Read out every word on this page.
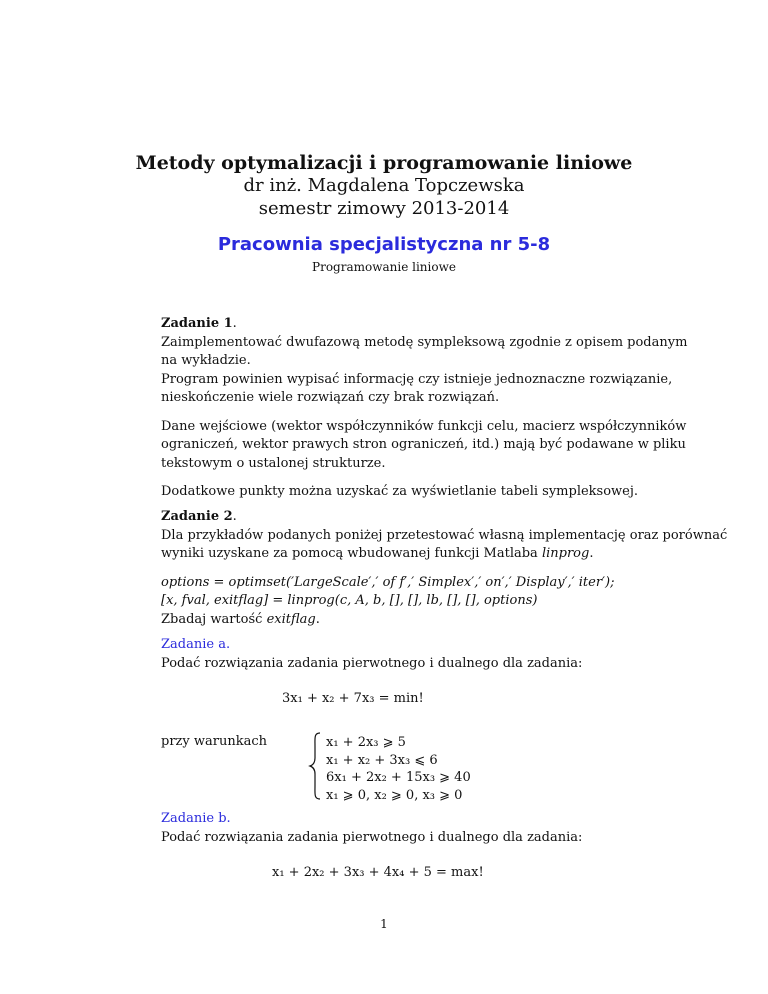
Metody optymalizacji i programowanie liniowe
dr inż. Magdalena Topczewska
semestr zimowy 2013-2014
Pracownia specjalistyczna nr 5-8
Programowanie liniowe
Zadanie 1.
Zaimplementować dwufazową metodę sympleksową zgodnie z opisem podanym
na wykładzie.
Program powinien wypisać informację czy istnieje jednoznaczne rozwiązanie,
nieskończenie wiele rozwiązań czy brak rozwiązań.
Dane wejściowe (wektor współczynników funkcji celu, macierz współczynników
ograniczeń, wektor prawych stron ograniczeń, itd.) mają być podawane w pliku
tekstowym o ustalonej strukturze.
Dodatkowe punkty można uzyskać za wyświetlanie tabeli sympleksowej.
Zadanie 2.
Dla przykładów podanych poniżej przetestować własną implementację oraz porównać
wyniki uzyskane za pomocą wbudowanej funkcji Matlaba linprog.
options = optimset(′LargeScale′,′ of f′,′ Simplex′,′ on′,′ Display′,′ iter′);
[x, fval, exitflag] = linprog(c, A, b, [], [], lb, [], [], options)
Zbadaj wartość exitflag.
Zadanie a.
Podać rozwiązania zadania pierwotnego i dualnego dla zadania:
3x₁ + x₂ + 7x₃ = min!
przy warunkach	x₁ + 2x₃ ⩾ 5
x₁ + x₂ + 3x₃ ⩽ 6
6x₁ + 2x₂ + 15x₃ ⩾ 40
x₁ ⩾ 0, x₂ ⩾ 0, x₃ ⩾ 0
Zadanie b.
Podać rozwiązania zadania pierwotnego i dualnego dla zadania:
x₁ + 2x₂ + 3x₃ + 4x₄ + 5 = max!
1
